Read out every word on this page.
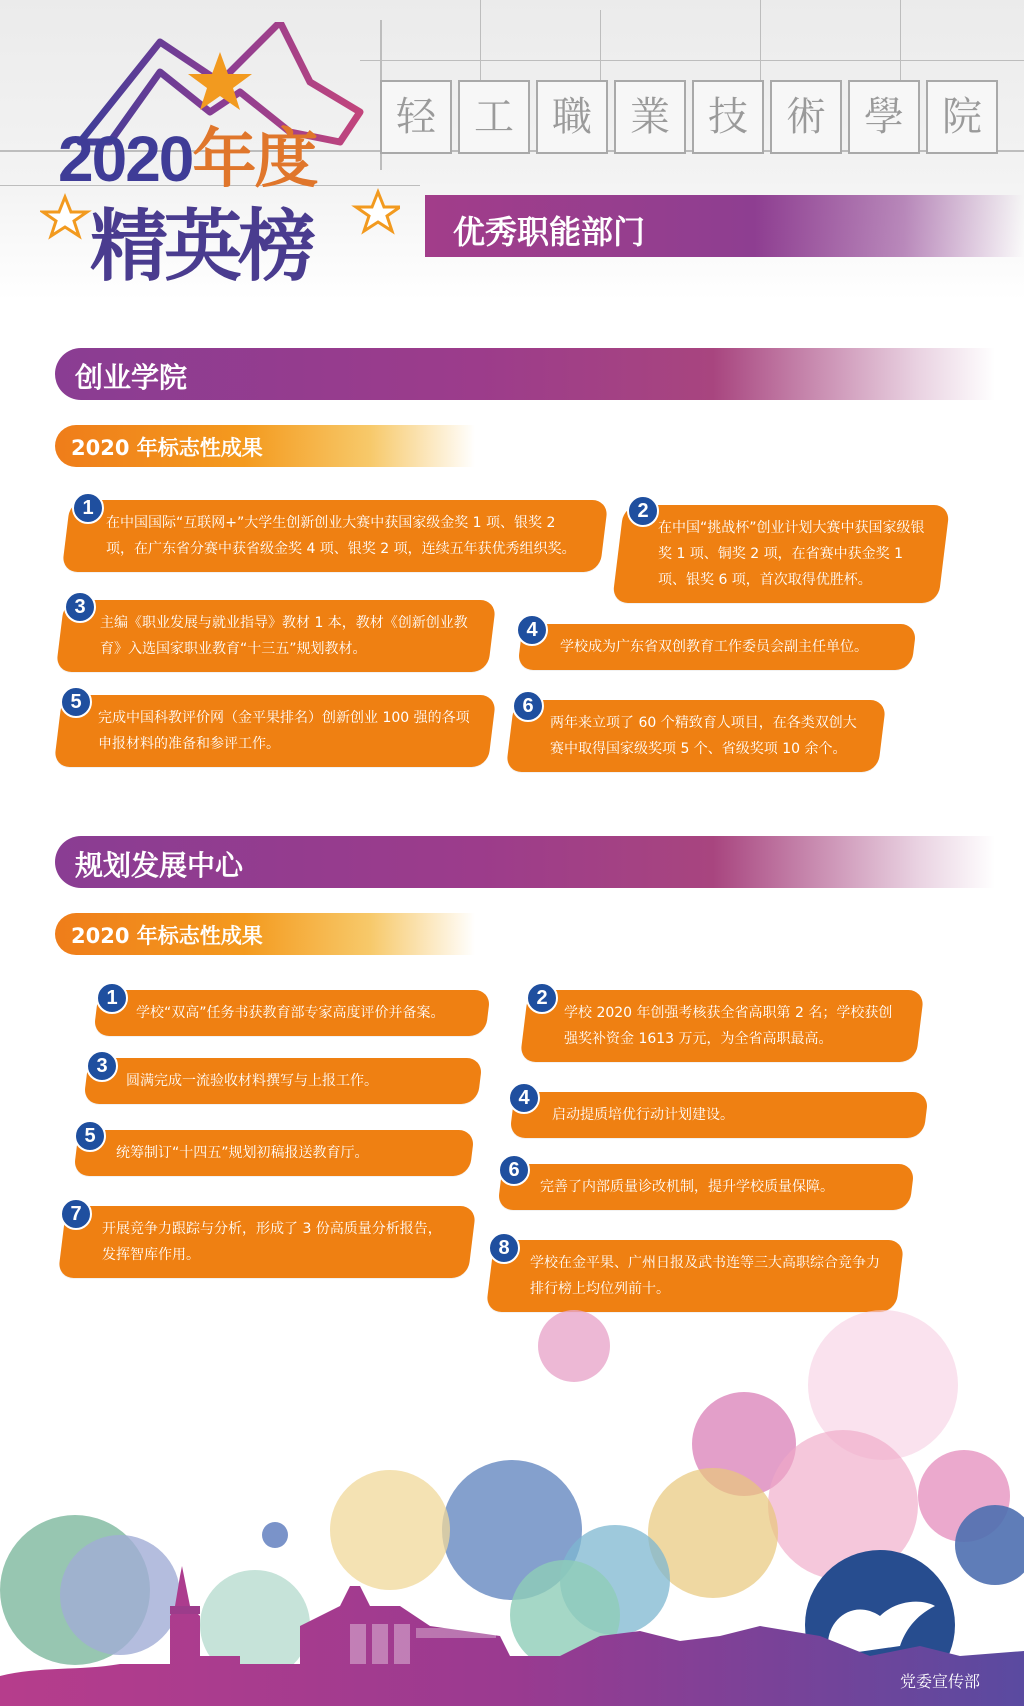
轻 工 職 業 技 術 學 院
2020年度
精英榜	优秀职能部门
创业学院
2020 年标志性成果
1
在中国国际“互联网+”大学生创新创业大赛中获国家级金奖 1 项、银奖 2 项，在广东省分赛中获省级金奖 4 项、银奖 2 项，连续五年获优秀组织奖。
2
在中国“挑战杯”创业计划大赛中获国家级银奖 1 项、铜奖 2 项，在省赛中获金奖 1 项、银奖 6 项，首次取得优胜杯。
3
主编《职业发展与就业指导》教材 1 本，教材《创新创业教育》入选国家职业教育“十三五”规划教材。
4
学校成为广东省双创教育工作委员会副主任单位。
5
完成中国科教评价网（金平果排名）创新创业 100 强的各项申报材料的准备和参评工作。
6
两年来立项了 60 个精致育人项目，在各类双创大赛中取得国家级奖项 5 个、省级奖项 10 余个。
规划发展中心
2020 年标志性成果
1
学校“双高”任务书获教育部专家高度评价并备案。
2
学校 2020 年创强考核获全省高职第 2 名；学校获创强奖补资金 1613 万元，为全省高职最高。
3
圆满完成一流验收材料撰写与上报工作。
4
启动提质培优行动计划建设。
5
统筹制订“十四五”规划初稿报送教育厅。
6
完善了内部质量诊改机制，提升学校质量保障。
7
开展竞争力跟踪与分析，形成了 3 份高质量分析报告，发挥智库作用。	8
学校在金平果、广州日报及武书连等三大高职综合竞争力排行榜上均位列前十。
党委宣传部
